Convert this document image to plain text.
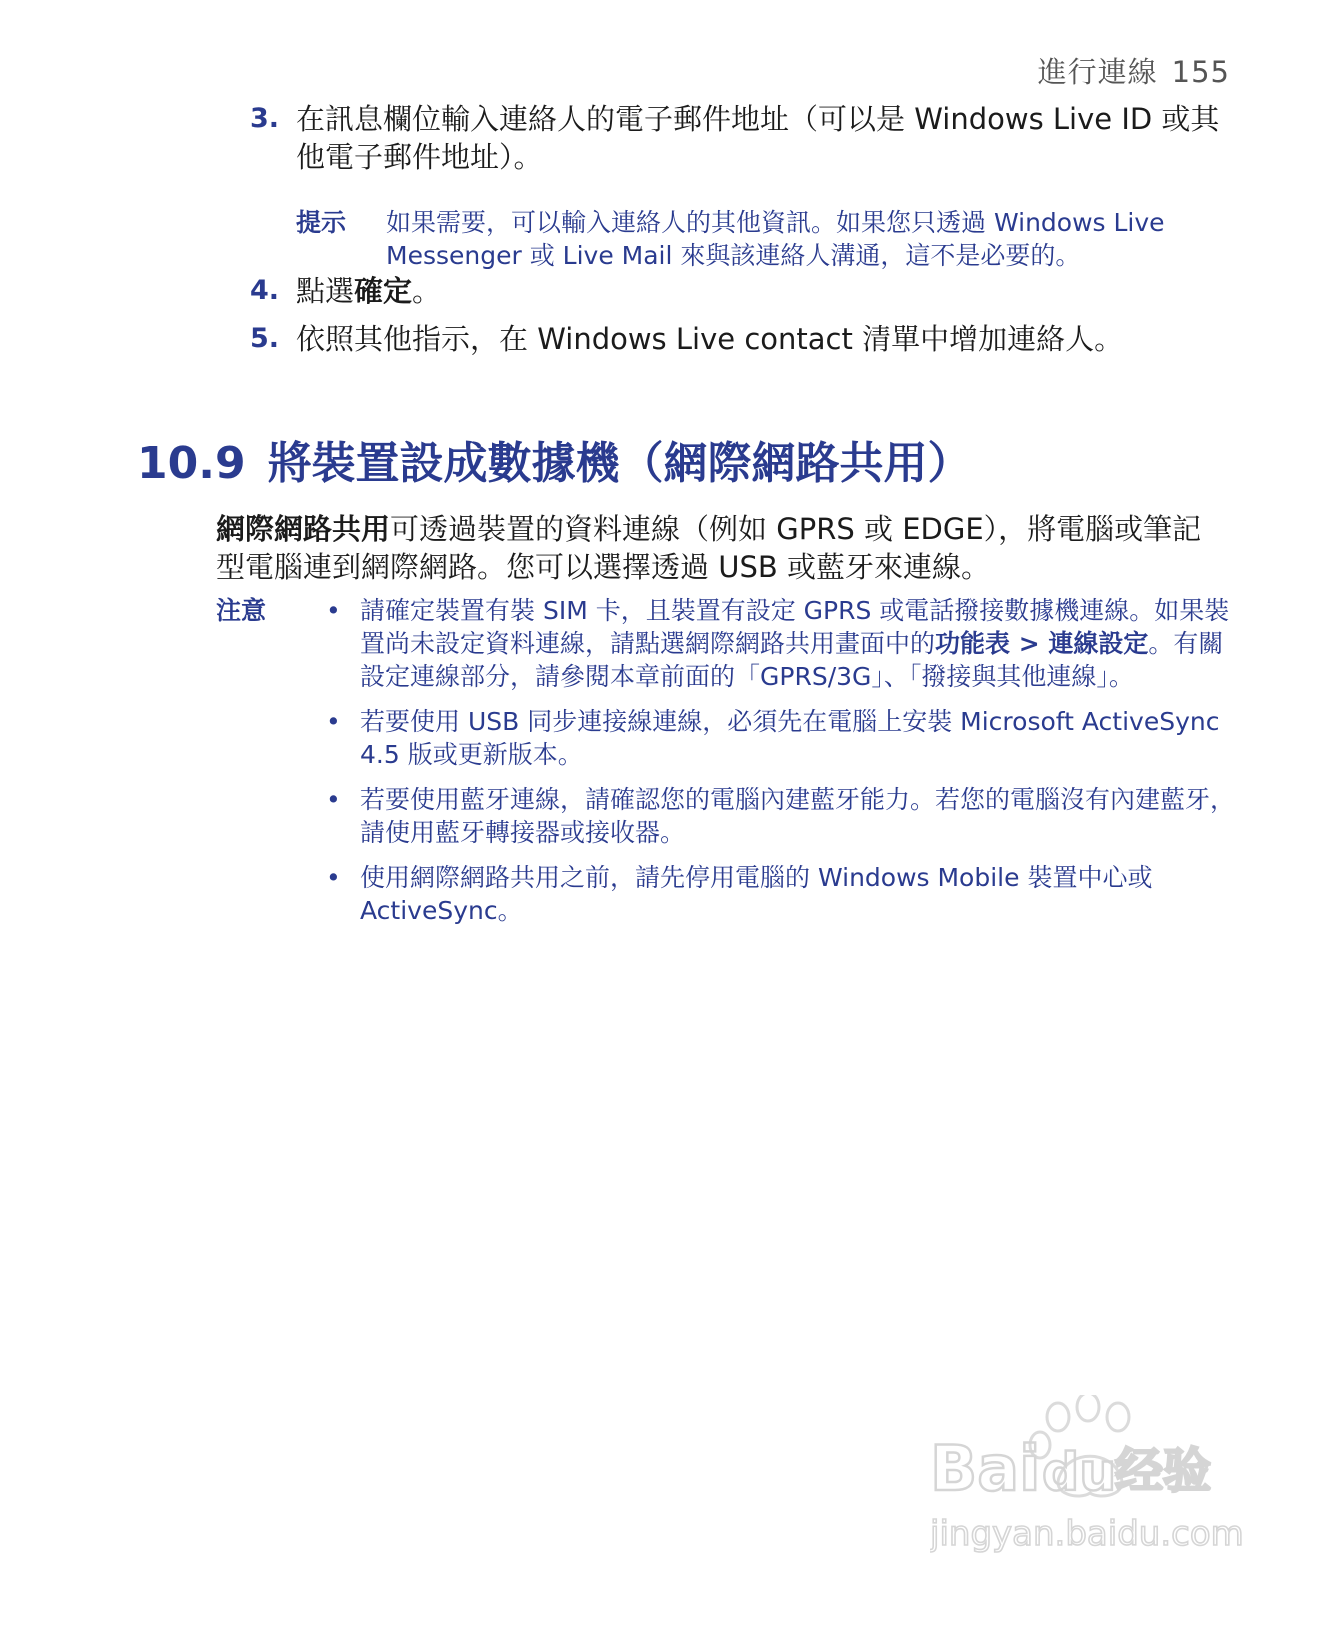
進行連線 155
3. 在訊息欄位輸入連絡人的電子郵件地址（可以是 Windows Live ID 或其他電子郵件地址）。
提示 如果需要，可以輸入連絡人的其他資訊。如果您只透過 Windows Live Messenger 或 Live Mail 來與該連絡人溝通，這不是必要的。
4. 點選確定。
5. 依照其他指示，在 Windows Live contact 清單中增加連絡人。
10.9 將裝置設成數據機（網際網路共用）
網際網路共用可透過裝置的資料連線（例如 GPRS 或 EDGE），將電腦或筆記型電腦連到網際網路。您可以選擇透過 USB 或藍牙來連線。
注意 • 請確定裝置有裝 SIM 卡，且裝置有設定 GPRS 或電話撥接數據機連線。如果裝置尚未設定資料連線，請點選網際網路共用畫面中的功能表 > 連線設定。有關設定連線部分，請參閱本章前面的「GPRS/3G」、「撥接與其他連線」。
• 若要使用 USB 同步連接線連線，必須先在電腦上安裝 Microsoft ActiveSync 4.5 版或更新版本。
• 若要使用藍牙連線，請確認您的電腦內建藍牙能力。若您的電腦沒有內建藍牙，請使用藍牙轉接器或接收器。
• 使用網際網路共用之前，請先停用電腦的 Windows Mobile 裝置中心或 ActiveSync。
Bai du
经验
jingyan.baidu.com
